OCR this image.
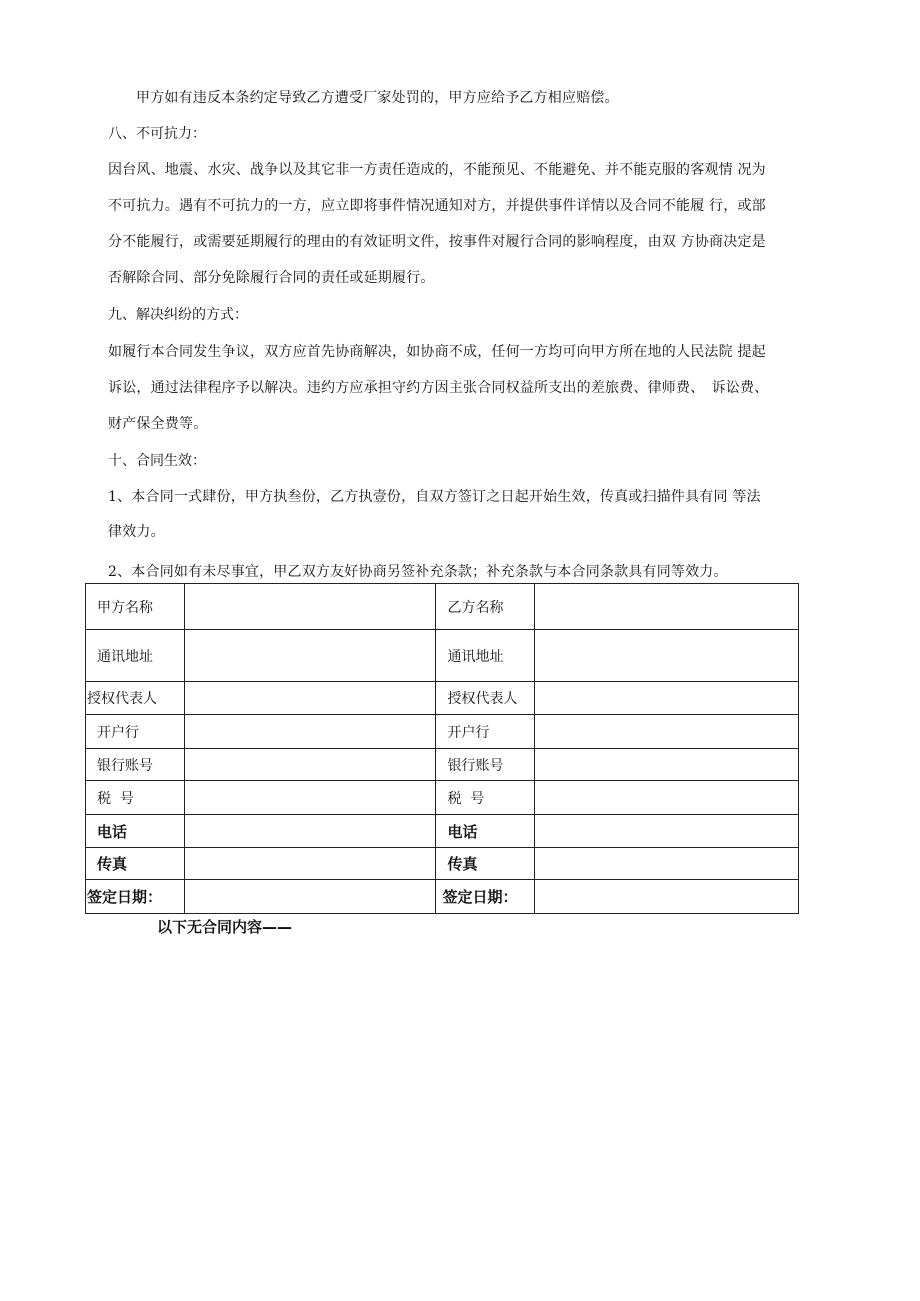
甲方如有违反本条约定导致乙方遭受厂家处罚的，甲方应给予乙方相应赔偿。
八、不可抗力：
因台风、地震、水灾、战争以及其它非一方责任造成的，不能预见、不能避免、并不能克服的客观情 况为
不可抗力。遇有不可抗力的一方，应立即将事件情况通知对方，并提供事件详情以及合同不能履 行，或部
分不能履行，或需要延期履行的理由的有效证明文件，按事件对履行合同的影响程度，由双 方协商决定是
否解除合同、部分免除履行合同的责任或延期履行。
九、解决纠纷的方式：
如履行本合同发生争议，双方应首先协商解决，如协商不成，任何一方均可向甲方所在地的人民法院 提起
诉讼，通过法律程序予以解决。违约方应承担守约方因主张合同权益所支出的差旅费、律师费、　诉讼费、
财产保全费等。
十、合同生效：
1、本合同一式肆份，甲方执叁份，乙方执壹份，自双方签订之日起开始生效，传真或扫描件具有同 等法
律效力。
2、本合同如有未尽事宜，甲乙双方友好协商另签补充条款；补充条款与本合同条款具有同等效力。
甲方名称		乙方名称	
通讯地址		通讯地址	
授权代表人		授权代表人	
开户行		开户行	
银行账号		银行账号	
税  号		税  号	
电话		电话	
传真		传真	
签定日期：		签定日期：	
以下无合同内容——
